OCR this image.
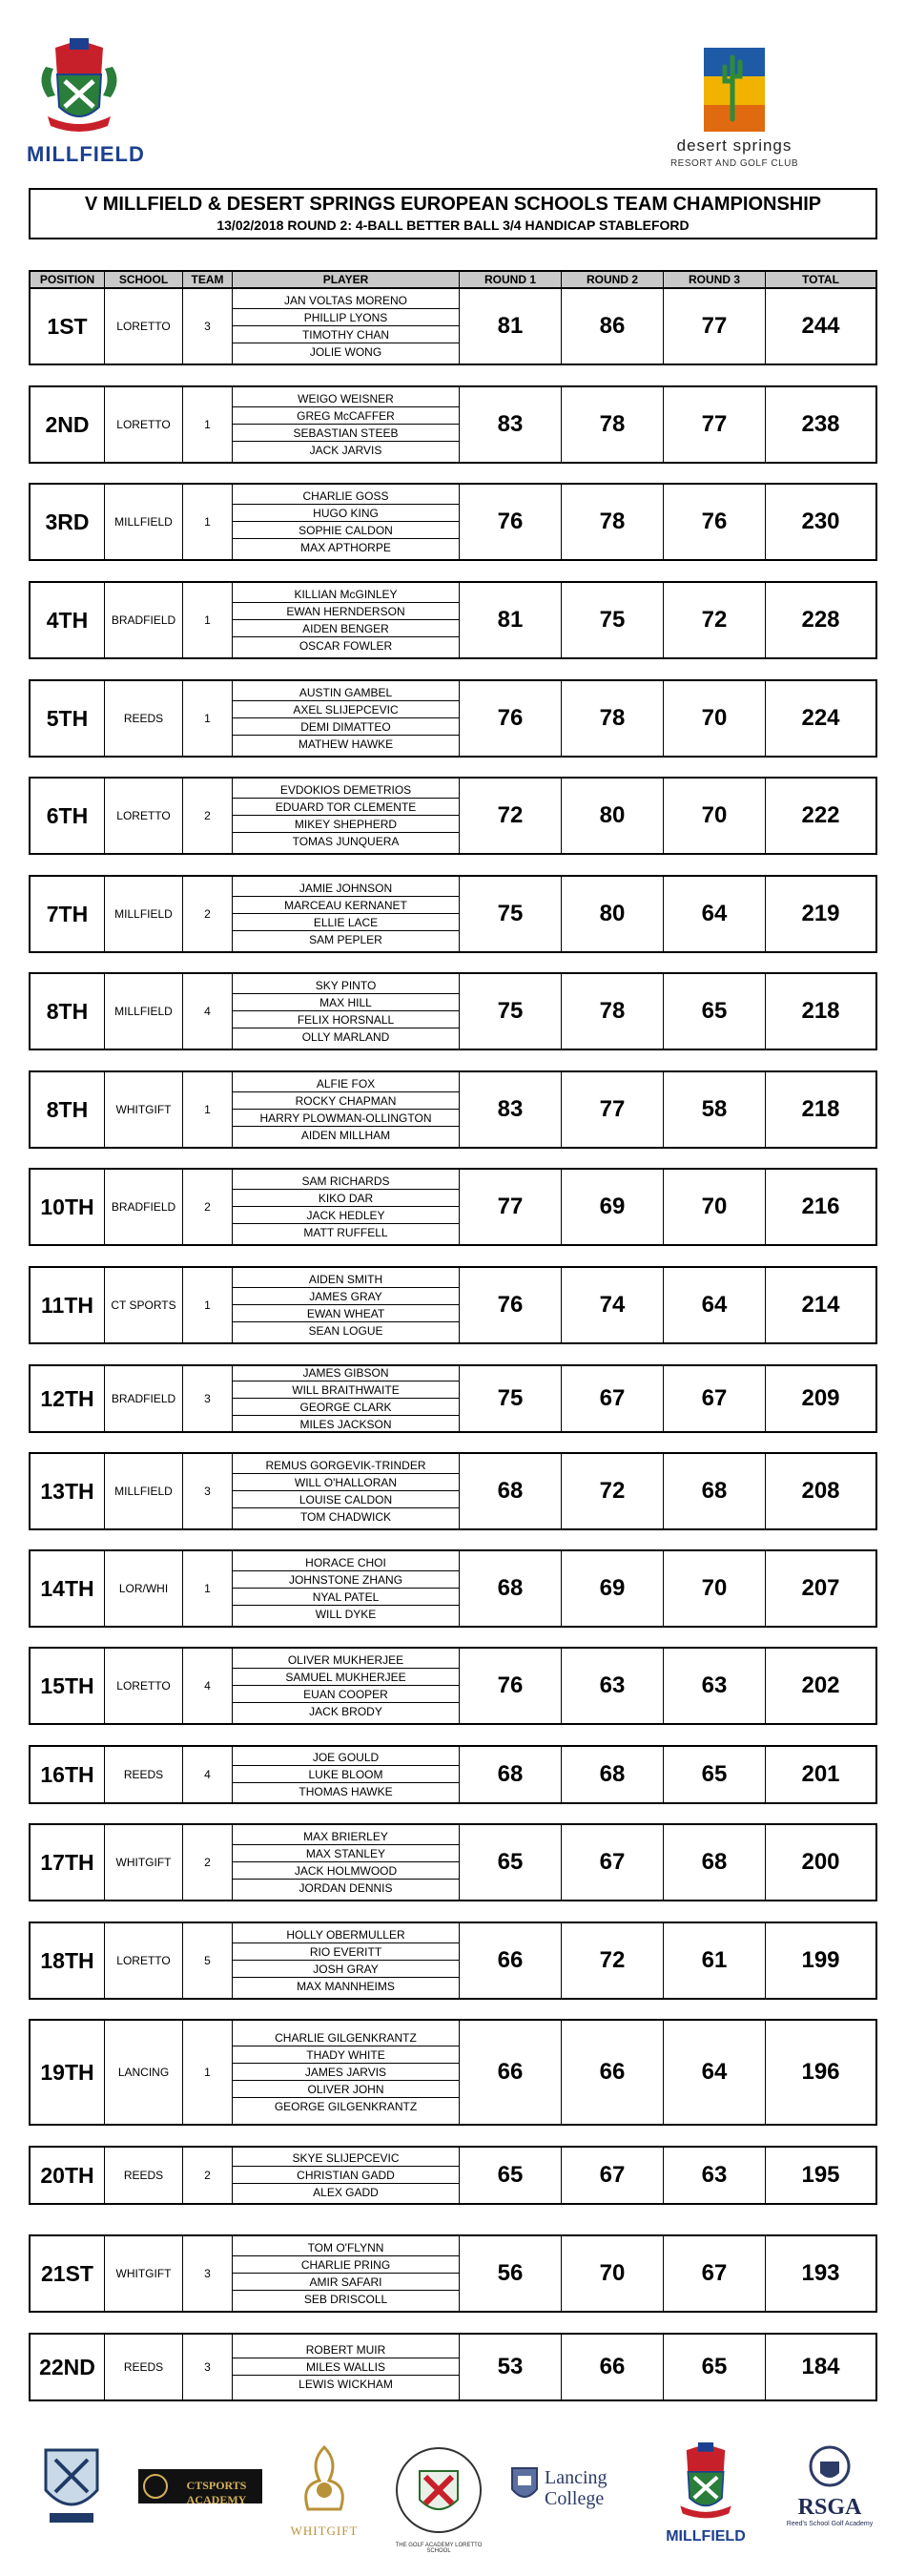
MILLFIELD	desert springs
RESORT AND GOLF CLUB
V MILLFIELD & DESERT SPRINGS EUROPEAN SCHOOLS TEAM CHAMPIONSHIP
13/02/2018 ROUND 2: 4-BALL BETTER BALL 3/4 HANDICAP STABLEFORD
POSITION	SCHOOL	TEAM	PLAYER	ROUND 1	ROUND 2	ROUND 3	TOTAL
1ST	LORETTO	3
JAN VOLTAS MORENO
PHILLIP LYONS
TIMOTHY CHAN
JOLIE WONG
81	86	77	244
2ND LORETTO	1
WEIGO WEISNER
GREG McCAFFER
SEBASTIAN STEEB
JACK JARVIS
83	78	77	238
3RD MILLFIELD	1
CHARLIE GOSS
HUGO KING
SOPHIE CALDON
MAX APTHORPE
76	78	76	230
4TH BRADFIELD 1
KILLIAN McGINLEY
EWAN HERNDERSON
AIDEN BENGER
OSCAR FOWLER
81	75	72	228
5TH	REEDS	1
AUSTIN GAMBEL
AXEL SLIJEPCEVIC
DEMI DIMATTEO
MATHEW HAWKE
76	78	70	224
6TH	LORETTO	2
EVDOKIOS DEMETRIOS
EDUARD TOR CLEMENTE
MIKEY SHEPHERD
TOMAS JUNQUERA
72	80	70	222
7TH MILLFIELD	2
JAMIE JOHNSON
MARCEAU KERNANET
ELLIE LACE
SAM PEPLER
75	80	64	219
8TH MILLFIELD	4
SKY PINTO
MAX HILL
FELIX HORSNALL
OLLY MARLAND
75	78	65	218
8TH WHITGIFT	1
ALFIE FOX
ROCKY CHAPMAN
HARRY PLOWMAN-OLLINGTON
AIDEN MILLHAM
83	77	58	218
10TH BRADFIELD 2
SAM RICHARDS
KIKO DAR
JACK HEDLEY
MATT RUFFELL
77	69	70	216
11TH CT SPORTS 1
AIDEN SMITH
JAMES GRAY
EWAN WHEAT
SEAN LOGUE
76	74	64	214
12TH BRADFIELD 3
JAMES GIBSON
WILL BRAITHWAITE
GEORGE CLARK
MILES JACKSON
75	67	67	209
13TH MILLFIELD	3
REMUS GORGEVIK-TRINDER
WILL O'HALLORAN
LOUISE CALDON
TOM CHADWICK
68	72	68	208
14TH LOR/WHI	1
HORACE CHOI
JOHNSTONE ZHANG
NYAL PATEL
WILL DYKE
68	69	70	207
15TH LORETTO	4
OLIVER MUKHERJEE
SAMUEL MUKHERJEE
EUAN COOPER
JACK BRODY
76	63	63	202
16TH	REEDS	4
JOE GOULD
LUKE BLOOM
THOMAS HAWKE
68	68	65	201
17TH WHITGIFT	2
MAX BRIERLEY
MAX STANLEY
JACK HOLMWOOD
JORDAN DENNIS
65	67	68	200
18TH LORETTO	5
HOLLY OBERMULLER
RIO EVERITT
JOSH GRAY
MAX MANNHEIMS
66	72	61	199
19TH LANCING	1
CHARLIE GILGENKRANTZ
THADY WHITE
JAMES JARVIS
OLIVER JOHN
GEORGE GILGENKRANTZ
66	66	64	196
20TH	REEDS	2
SKYE SLIJEPCEVIC
CHRISTIAN GADD
ALEX GADD
65	67	63	195
21ST WHITGIFT	3
TOM O'FLYNN
CHARLIE PRING
AMIR SAFARI
SEB DRISCOLL
56	70	67	193
22ND REEDS	3
ROBERT MUIR
MILES WALLIS
LEWIS WICKHAM
53	66	65	184
CTSPORTS ACADEMY
WHITGIFT
THE GOLF ACADEMY LORETTO SCHOOL
Lancing College
MILLFIELD
RSGA
Reed's School Golf Academy
